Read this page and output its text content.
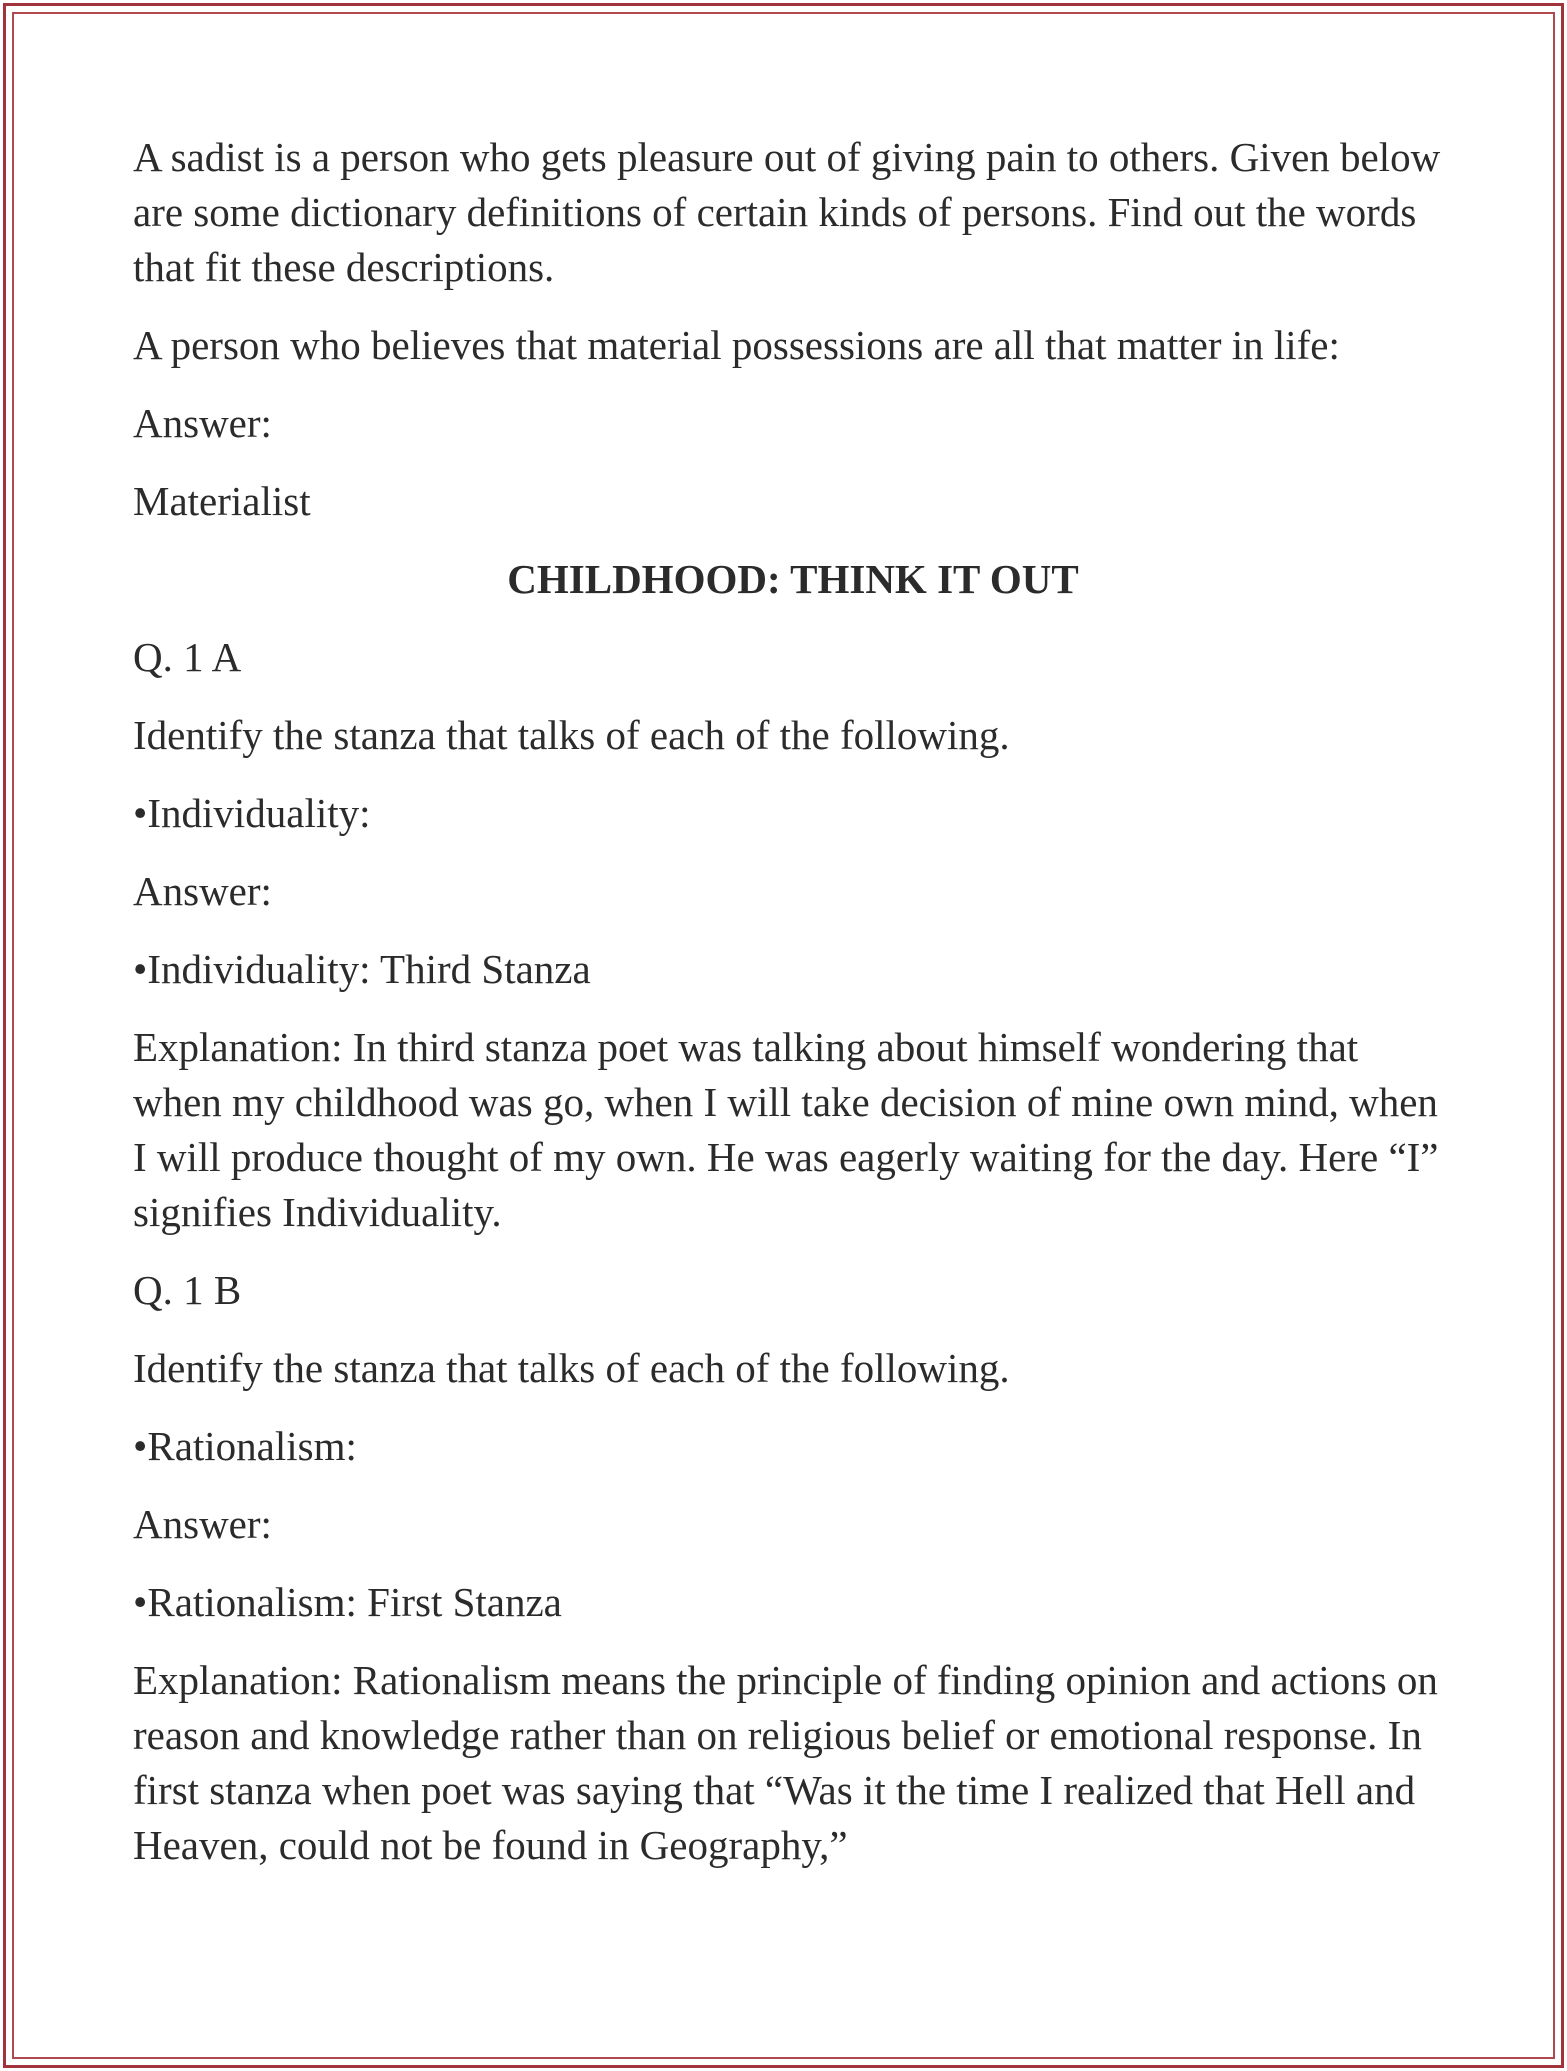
A sadist is a person who gets pleasure out of giving pain to others. Given below are some dictionary definitions of certain kinds of persons. Find out the words that fit these descriptions.

A person who believes that material possessions are all that matter in life:

Answer:

Materialist

CHILDHOOD: THINK IT OUT

Q. 1 A

Identify the stanza that talks of each of the following.

•Individuality:

Answer:

•Individuality: Third Stanza

Explanation: In third stanza poet was talking about himself wondering that when my childhood was go, when I will take decision of mine own mind, when I will produce thought of my own. He was eagerly waiting for the day. Here “I” signifies Individuality.

Q. 1 B

Identify the stanza that talks of each of the following.

•Rationalism:

Answer:

•Rationalism: First Stanza

Explanation: Rationalism means the principle of finding opinion and actions on reason and knowledge rather than on religious belief or emotional response. In first stanza when poet was saying that “Was it the time I realized that Hell and Heaven, could not be found in Geography,”
